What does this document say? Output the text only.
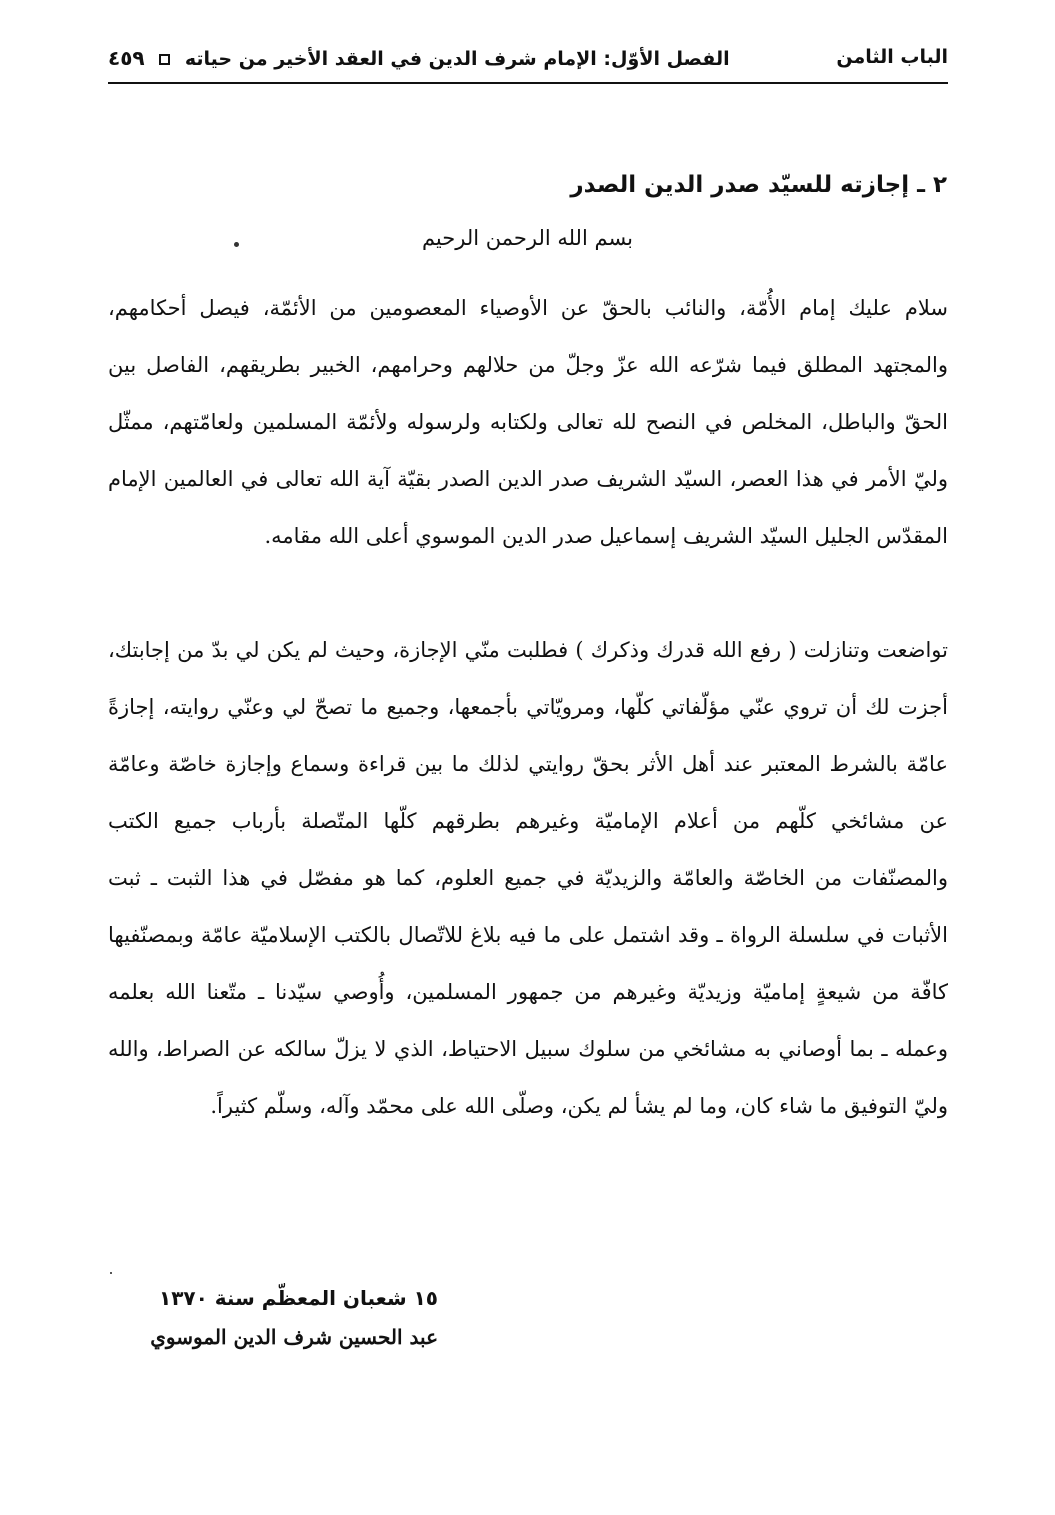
الباب الثامن
الفصل الأوّل: الإمام شرف الدين في العقد الأخير من حياته  ٤٥٩
٢ ـ إجازته للسيّد صدر الدين الصدر
بسم الله الرحمن الرحيم

سلام عليك إمام الأُمّة، والنائب بالحقّ عن الأوصياء المعصومين من الأئمّة، فيصل أحكامهم، والمجتهد المطلق فيما شرّعه الله عزّ وجلّ من حلالهم وحرامهم، الخبير بطريقهم، الفاصل بين الحقّ والباطل، المخلص في النصح لله تعالى ولكتابه ولرسوله ولأئمّة المسلمين ولعامّتهم، ممثّل وليّ الأمر في هذا العصر، السيّد الشريف صدر الدين الصدر بقيّة آية الله تعالى في العالمين الإمام المقدّس الجليل السيّد الشريف إسماعيل صدر الدين الموسوي أعلى الله مقامه.

تواضعت وتنازلت ( رفع الله قدرك وذكرك ) فطلبت منّي الإجازة، وحيث لم يكن لي بدّ من إجابتك، أجزت لك أن تروي عنّي مؤلّفاتي كلّها، ومرويّاتي بأجمعها، وجميع ما تصحّ لي وعنّي روايته، إجازةً عامّة بالشرط المعتبر عند أهل الأثر بحقّ روايتي لذلك ما بين قراءة وسماع وإجازة خاصّة وعامّة عن مشائخي كلّهم من أعلام الإماميّة وغيرهم بطرقهم كلّها المتّصلة بأرباب جميع الكتب والمصنّفات من الخاصّة والعامّة والزيديّة في جميع العلوم، كما هو مفصّل في هذا الثبت ـ ثبت الأثبات في سلسلة الرواة ـ وقد اشتمل على ما فيه بلاغ للاتّصال بالكتب الإسلاميّة عامّة وبمصنّفيها كافّة من شيعةٍ إماميّة وزيديّة وغيرهم من جمهور المسلمين، وأُوصي سيّدنا ـ متّعنا الله بعلمه وعمله ـ بما أوصاني به مشائخي من سلوك سبيل الاحتياط، الذي لا يزلّ سالكه عن الصراط، والله وليّ التوفيق ما شاء كان، وما لم يشأ لم يكن، وصلّى الله على محمّد وآله، وسلّم كثيراً.

١٥ شعبان المعظّم سنة ١٣٧٠
عبد الحسين شرف الدين الموسوي
